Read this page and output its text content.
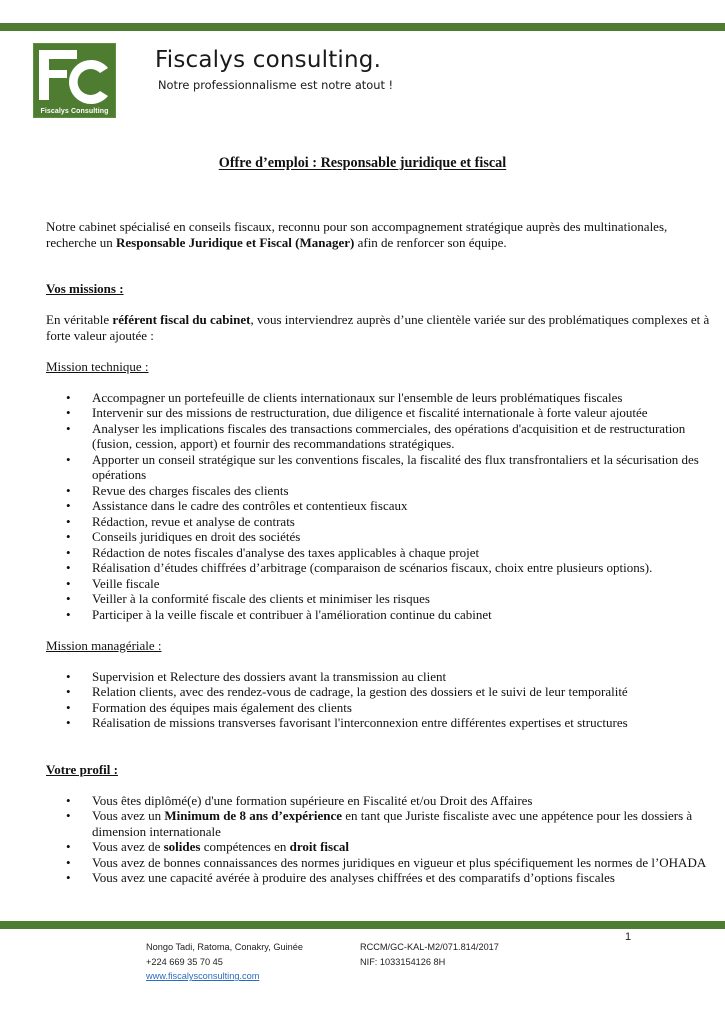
Fiscalys Consulting
Fiscalys consulting.
Notre professionnalisme est notre atout !
Offre d’emploi : Responsable juridique et fiscal

Notre cabinet spécialisé en conseils fiscaux, reconnu pour son accompagnement stratégique auprès des multinationales, recherche un Responsable Juridique et Fiscal (Manager) afin de renforcer son équipe.

Vos missions :

En véritable référent fiscal du cabinet, vous interviendrez auprès d’une clientèle variée sur des problématiques complexes et à forte valeur ajoutée :

Mission technique :

• Accompagner un portefeuille de clients internationaux sur l'ensemble de leurs problématiques fiscales
• Intervenir sur des missions de restructuration, due diligence et fiscalité internationale à forte valeur ajoutée
• Analyser les implications fiscales des transactions commerciales, des opérations d'acquisition et de restructuration (fusion, cession, apport) et fournir des recommandations stratégiques.
• Apporter un conseil stratégique sur les conventions fiscales, la fiscalité des flux transfrontaliers et la sécurisation des opérations
• Revue des charges fiscales des clients
• Assistance dans le cadre des contrôles et contentieux fiscaux
• Rédaction, revue et analyse de contrats
• Conseils juridiques en droit des sociétés
• Rédaction de notes fiscales d'analyse des taxes applicables à chaque projet
• Réalisation d’études chiffrées d’arbitrage (comparaison de scénarios fiscaux, choix entre plusieurs options).
• Veille fiscale
• Veiller à la conformité fiscale des clients et minimiser les risques
• Participer à la veille fiscale et contribuer à l'amélioration continue du cabinet

Mission managériale :

• Supervision et Relecture des dossiers avant la transmission au client
• Relation clients, avec des rendez-vous de cadrage, la gestion des dossiers et le suivi de leur temporalité
• Formation des équipes mais également des clients
• Réalisation de missions transverses favorisant l'interconnexion entre différentes expertises et structures

Votre profil :

• Vous êtes diplômé(e) d'une formation supérieure en Fiscalité et/ou Droit des Affaires
• Vous avez un Minimum de 8 ans d’expérience en tant que Juriste fiscaliste avec une appétence pour les dossiers à dimension internationale
• Vous avez de solides compétences en droit fiscal
• Vous avez de bonnes connaissances des normes juridiques en vigueur et plus spécifiquement les normes de l’OHADA
• Vous avez une capacité avérée à produire des analyses chiffrées et des comparatifs d’options fiscales
1
Nongo Tadi, Ratoma, Conakry, Guinée
+224 669 35 70 45
www.fiscalysconsulting.com
RCCM/GC-KAL-M2/071.814/2017
NIF: 1033154126 8H
